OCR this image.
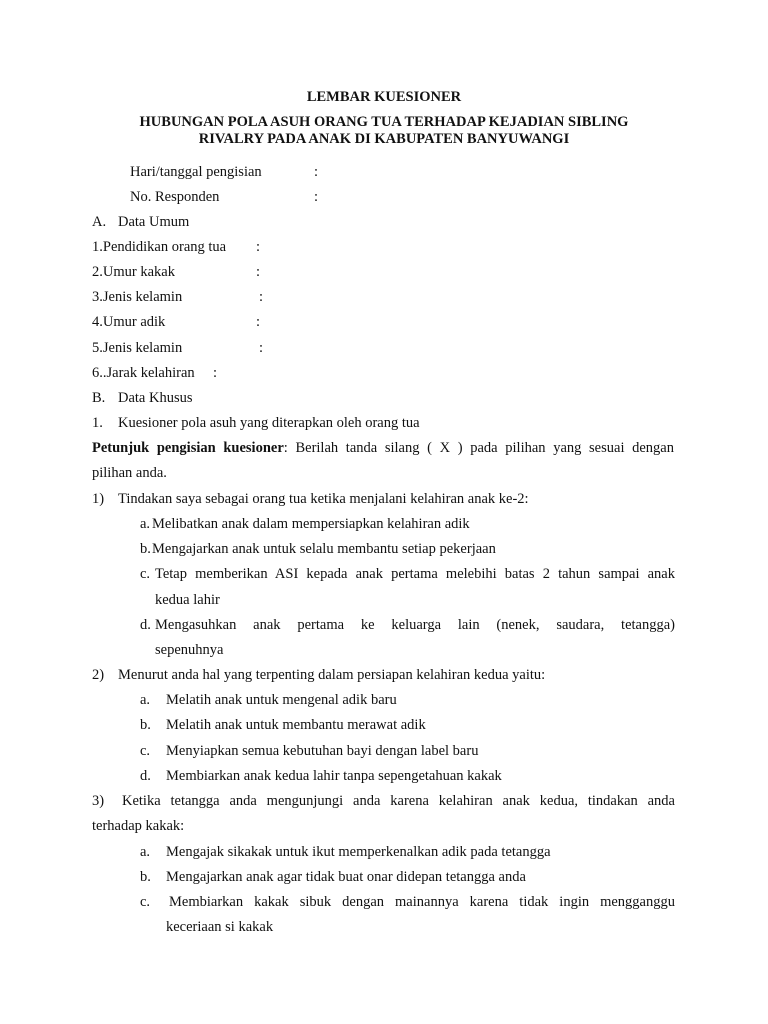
LEMBAR KUESIONER
HUBUNGAN POLA ASUH ORANG TUA TERHADAP KEJADIAN SIBLING
RIVALRY PADA ANAK DI KABUPATEN BANYUWANGI
Hari/tanggal pengisian	:
No. Responden	:
A. Data Umum
1.Pendidikan orang tua :
2.Umur kakak	:
3.Jenis kelamin	:
4.Umur adik	:
5.Jenis kelamin	:
6..Jarak kelahiran :
B. Data Khusus
1. Kuesioner pola asuh yang diterapkan oleh orang tua
Petunjuk pengisian kuesioner: Berilah tanda silang ( X ) pada pilihan yang sesuai dengan
pilihan anda.
1) Tindakan saya sebagai orang tua ketika menjalani kelahiran anak ke-2:
a. Melibatkan anak dalam mempersiapkan kelahiran adik
b. Mengajarkan anak untuk selalu membantu setiap pekerjaan
c. Tetap memberikan ASI kepada anak pertama melebihi batas 2 tahun sampai anak
kedua lahir
d. Mengasuhkan anak pertama ke keluarga lain (nenek, saudara, tetangga)
sepenuhnya
2) Menurut anda hal yang terpenting dalam persiapan kelahiran kedua yaitu:
a. Melatih anak untuk mengenal adik baru
b. Melatih anak untuk membantu merawat adik
c. Menyiapkan semua kebutuhan bayi dengan label baru
d. Membiarkan anak kedua lahir tanpa sepengetahuan kakak
3) Ketika tetangga anda mengunjungi anda karena kelahiran anak kedua, tindakan anda
terhadap kakak:
a. Mengajak sikakak untuk ikut memperkenalkan adik pada tetangga
b. Mengajarkan anak agar tidak buat onar didepan tetangga anda
c. Membiarkan kakak sibuk dengan mainannya karena tidak ingin mengganggu
keceriaan si kakak
